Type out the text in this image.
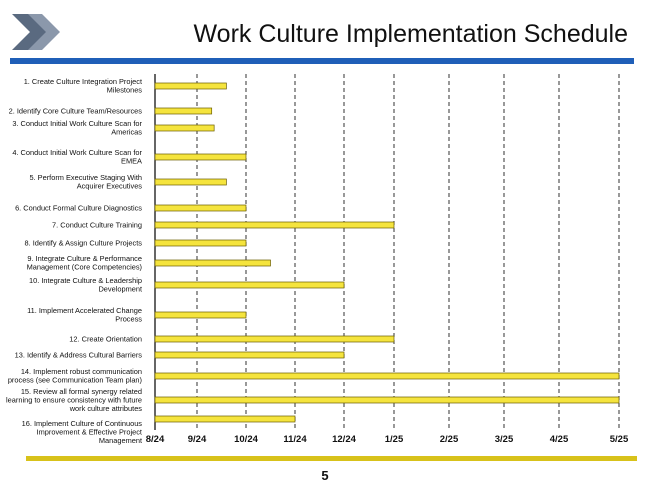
Work Culture Implementation Schedule
1. Create Culture Integration Project Milestones
2. Identify Core Culture Team/Resources
3. Conduct Initial Work Culture Scan for Americas
4. Conduct Initial Work Culture Scan for EMEA
5. Perform Executive Staging With Acquirer Executives
6. Conduct Formal Culture Diagnostics
7. Conduct Culture Training
8. Identify & Assign Culture Projects
9. Integrate Culture & Performance Management (Core Competencies)
10. Integrate Culture & Leadership Development
11. Implement Accelerated Change Process
12. Create Orientation
13. Identify & Address Cultural Barriers
14. Implement robust communication process (see Communication Team plan)
15. Review all formal synergy related learning to ensure consistency with future work culture attributes
16. Implement Culture of Continuous Improvement & Effective Project Management 8/24 9/24	10/24	11/24	12/24	1/25	2/25	3/25	4/25	5/25
5
